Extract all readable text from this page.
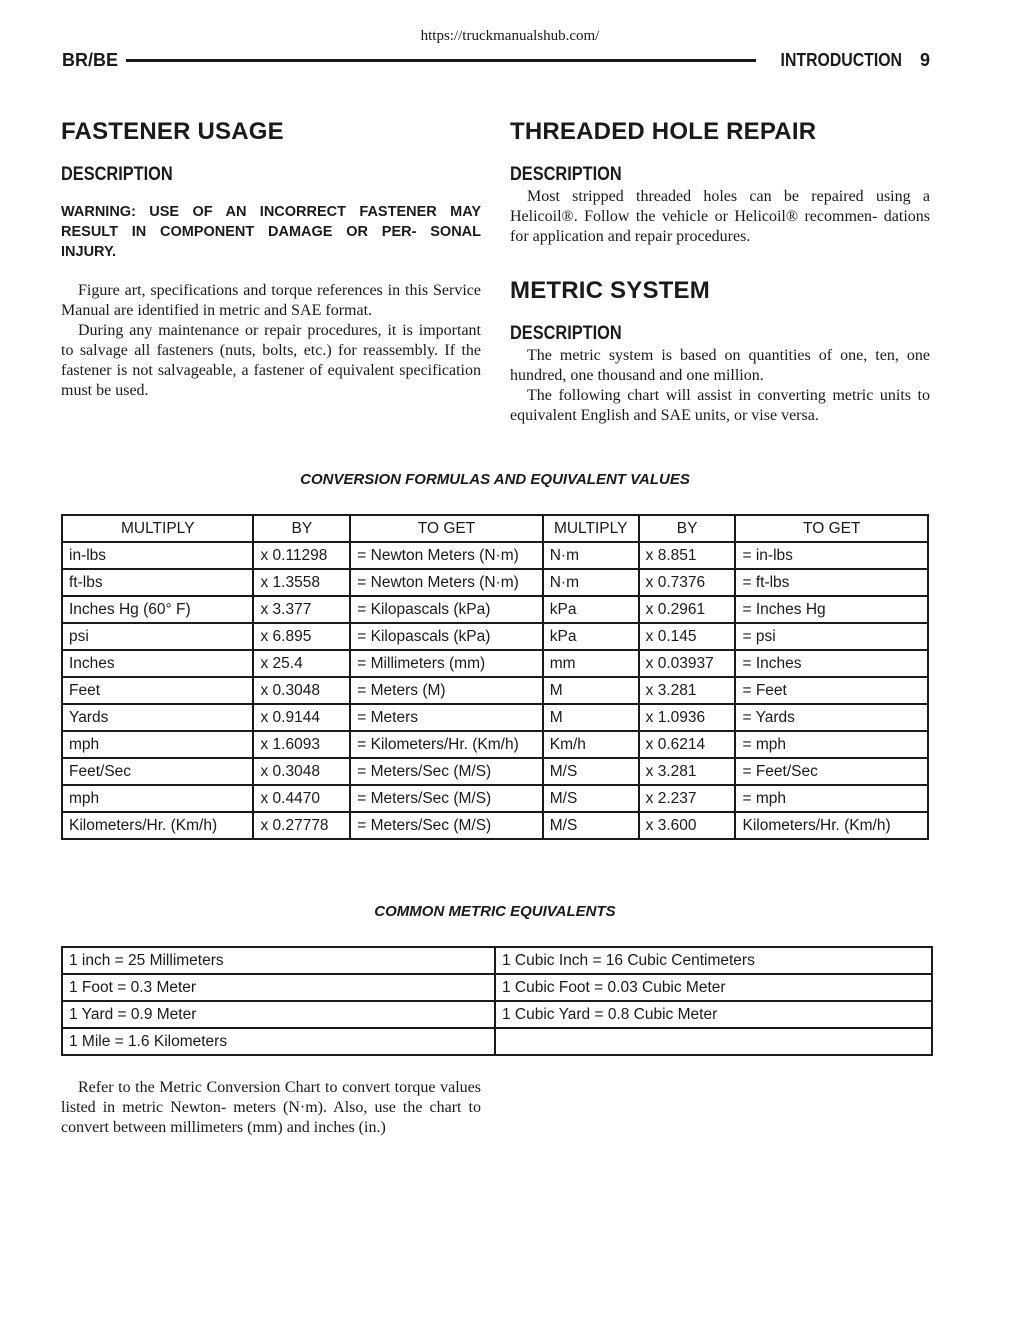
https://truckmanualshub.com/
BR/BE	INTRODUCTION	9
FASTENER USAGE
DESCRIPTION

WARNING: USE OF AN INCORRECT FASTENER MAY RESULT IN COMPONENT DAMAGE OR PER- SONAL INJURY.

Figure art, specifications and torque references in this Service Manual are identified in metric and SAE format.

During any maintenance or repair procedures, it is important to salvage all fasteners (nuts, bolts, etc.) for reassembly. If the fastener is not salvageable, a fastener of equivalent specification must be used.

THREADED HOLE REPAIR
DESCRIPTION

Most stripped threaded holes can be repaired using a Helicoil®. Follow the vehicle or Helicoil® recommen- dations for application and repair procedures.

METRIC SYSTEM
DESCRIPTION

The metric system is based on quantities of one, ten, one hundred, one thousand and one million.

The following chart will assist in converting metric units to equivalent English and SAE units, or vise versa.

CONVERSION FORMULAS AND EQUIVALENT VALUES
MULTIPLY	BY	TO GET	MULTIPLY	BY	TO GET
in-lbs	x 0.11298	= Newton Meters (N·m)	N·m	x 8.851	= in-lbs
ft-lbs	x 1.3558	= Newton Meters (N·m)	N·m	x 0.7376	= ft-lbs
Inches Hg (60° F)	x 3.377	= Kilopascals (kPa)	kPa	x 0.2961	= Inches Hg
psi	x 6.895	= Kilopascals (kPa)	kPa	x 0.145	= psi
Inches	x 25.4	= Millimeters (mm)	mm	x 0.03937	= Inches
Feet	x 0.3048	= Meters (M)	M	x 3.281	= Feet
Yards	x 0.9144	= Meters	M	x 1.0936	= Yards
mph	x 1.6093	= Kilometers/Hr. (Km/h)	Km/h	x 0.6214	= mph
Feet/Sec	x 0.3048	= Meters/Sec (M/S)	M/S	x 3.281	= Feet/Sec
mph	x 0.4470	= Meters/Sec (M/S)	M/S	x 2.237	= mph
Kilometers/Hr. (Km/h)	x 0.27778	= Meters/Sec (M/S)	M/S	x 3.600	Kilometers/Hr. (Km/h)
COMMON METRIC EQUIVALENTS
1 inch = 25 Millimeters	1 Cubic Inch = 16 Cubic Centimeters
1 Foot = 0.3 Meter	1 Cubic Foot = 0.03 Cubic Meter
1 Yard = 0.9 Meter	1 Cubic Yard = 0.8 Cubic Meter
1 Mile = 1.6 Kilometers	

Refer to the Metric Conversion Chart to convert torque values listed in metric Newton- meters (N·m). Also, use the chart to convert between millimeters (mm) and inches (in.)
